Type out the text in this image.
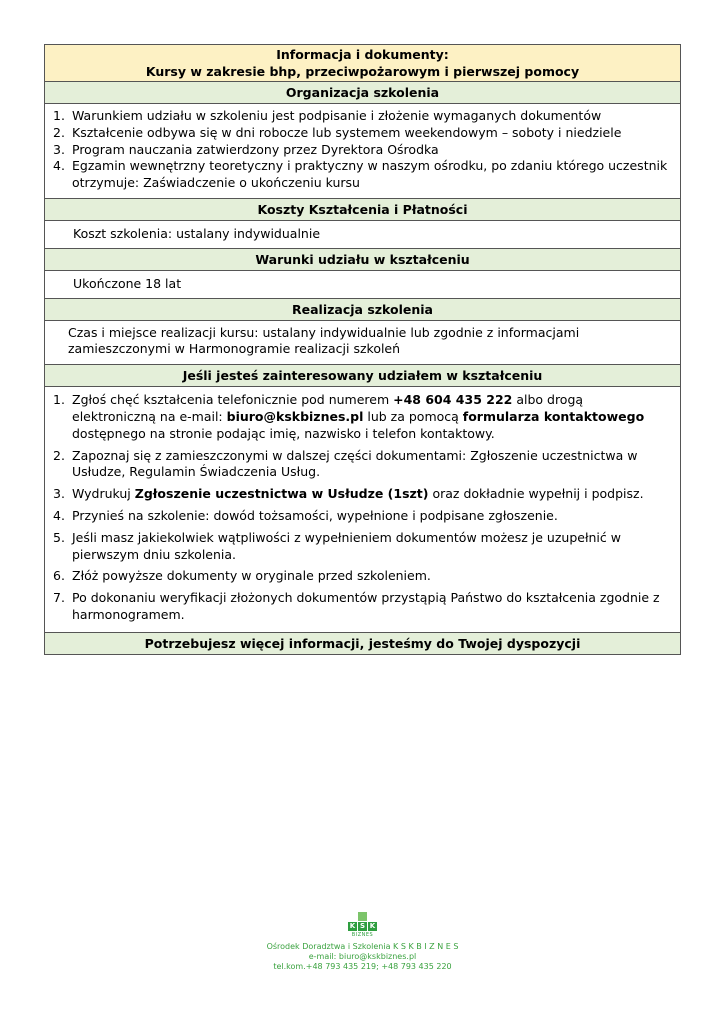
Informacja i dokumenty:
Kursy w zakresie bhp, przeciwpożarowym i pierwszej pomocy
Organizacja szkolenia
1. Warunkiem udziału w szkoleniu jest podpisanie i złożenie wymaganych dokumentów
2. Kształcenie odbywa się w dni robocze lub systemem weekendowym – soboty i niedziele
3. Program nauczania zatwierdzony przez Dyrektora Ośrodka
4. Egzamin wewnętrzny teoretyczny i praktyczny w naszym ośrodku, po zdaniu którego uczestnik otrzymuje: Zaświadczenie o ukończeniu kursu
Koszty Kształcenia i Płatności
Koszt szkolenia: ustalany indywidualnie
Warunki udziału w kształceniu
Ukończone 18 lat
Realizacja szkolenia
Czas i miejsce realizacji kursu: ustalany indywidualnie lub zgodnie z informacjami zamieszczonymi w Harmonogramie realizacji szkoleń
Jeśli jesteś zainteresowany udziałem w kształceniu
1. Zgłoś chęć kształcenia telefonicznie pod numerem +48 604 435 222 albo drogą elektroniczną na e-mail: biuro@kskbiznes.pl lub za pomocą formularza kontaktowego dostępnego na stronie podając imię, nazwisko i telefon kontaktowy.
2. Zapoznaj się z zamieszczonymi w dalszej części dokumentami: Zgłoszenie uczestnictwa w Usłudze, Regulamin Świadczenia Usług.
3. Wydrukuj Zgłoszenie uczestnictwa w Usłudze (1szt) oraz dokładnie wypełnij i podpisz.
4. Przynieś na szkolenie: dowód tożsamości, wypełnione i podpisane zgłoszenie.
5. Jeśli masz jakiekolwiek wątpliwości z wypełnieniem dokumentów możesz je uzupełnić w pierwszym dniu szkolenia.
6. Złóż powyższe dokumenty w oryginale przed szkoleniem.
7. Po dokonaniu weryfikacji złożonych dokumentów przystąpią Państwo do kształcenia zgodnie z harmonogramem.
Potrzebujesz więcej informacji, jesteśmy do Twojej dyspozycji
K S K
BIZNES
Ośrodek Doradztwa i Szkolenia K S K B I Z N E S
e-mail: biuro@kskbiznes.pl
tel.kom.+48 793 435 219; +48 793 435 220
